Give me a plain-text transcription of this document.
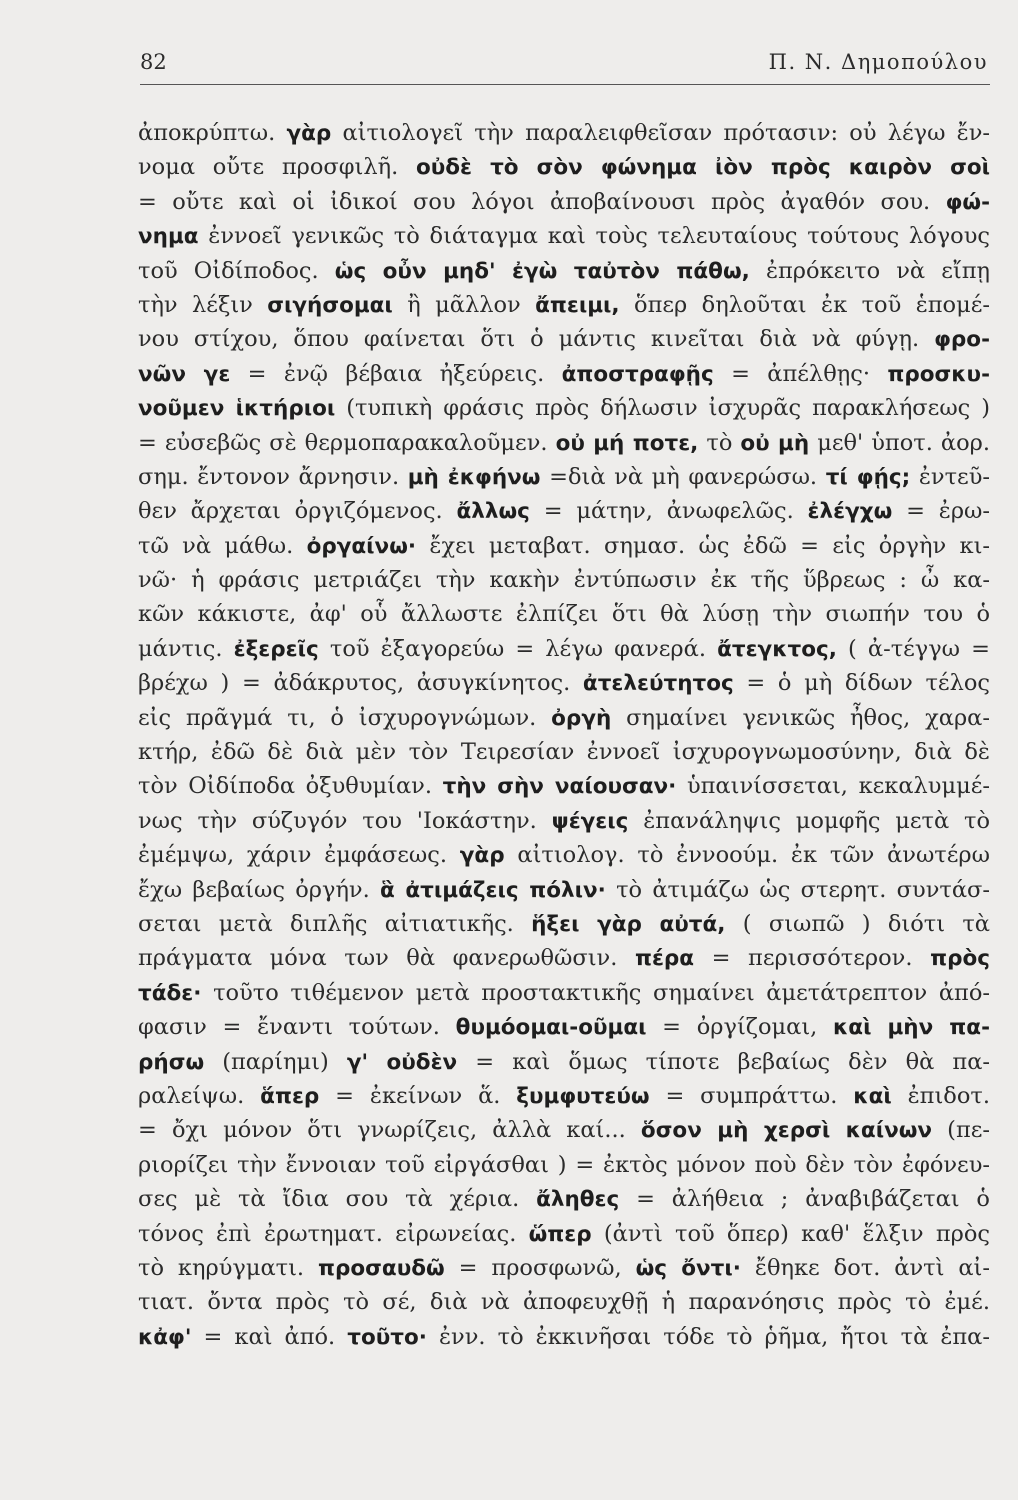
82	Π. Ν. Δημοπούλου
ἀποκρύπτω. γὰρ αἰτιολογεῖ τὴν παραλειφθεῖσαν πρότασιν: οὐ λέγω ἔν-
νομα οὔτε προσφιλῆ. οὐδὲ τὸ σὸν φώνημα ἰὸν πρὸς καιρὸν σοὶ
= οὔτε καὶ οἱ ἰδικοί σου λόγοι ἀποβαίνουσι πρὸς ἀγαθόν σου. φώ-
νημα ἐννοεῖ γενικῶς τὸ διάταγμα καὶ τοὺς τελευταίους τούτους λόγους
τοῦ Οἰδίποδος. ὡς οὖν μηδ' ἐγὼ ταὐτὸν πάθω, ἐπρόκειτο νὰ εἴπῃ
τὴν λέξιν σιγήσομαι ἢ μᾶλλον ἄπειμι, ὅπερ δηλοῦται ἐκ τοῦ ἑπομέ-
νου στίχου, ὅπου φαίνεται ὅτι ὁ μάντις κινεῖται διὰ νὰ φύγῃ. φρο-
νῶν γε = ἐνῷ βέβαια ἠξεύρεις. ἀποστραφῇς = ἀπέλθῃς· προσκυ-
νοῦμεν ἱκτήριοι (τυπικὴ φράσις πρὸς δήλωσιν ἰσχυρᾶς παρακλήσεως )
= εὐσεβῶς σὲ θερμοπαρακαλοῦμεν. οὐ μή ποτε, τὸ οὐ μὴ μεθ' ὑποτ. ἀορ.
σημ. ἔντονον ἄρνησιν. μὴ ἐκφήνω =διὰ νὰ μὴ φανερώσω. τί φῄς; ἐντεῦ-
θεν ἄρχεται ὀργιζόμενος. ἄλλως = μάτην, ἀνωφελῶς. ἐλέγχω = ἐρω-
τῶ νὰ μάθω. ὀργαίνω· ἔχει μεταβατ. σημασ. ὡς ἐδῶ = εἰς ὀργὴν κι-
νῶ· ἡ φράσις μετριάζει τὴν κακὴν ἐντύπωσιν ἐκ τῆς ὕβρεως : ὦ κα-
κῶν κάκιστε, ἀφ' οὗ ἄλλωστε ἐλπίζει ὅτι θὰ λύσῃ τὴν σιωπήν του ὁ
μάντις. ἐξερεῖς τοῦ ἐξαγορεύω = λέγω φανερά. ἄτεγκτος, ( ἀ-τέγγω =
βρέχω ) = ἀδάκρυτος, ἀσυγκίνητος. ἀτελεύτητος = ὁ μὴ δίδων τέλος
εἰς πρᾶγμά τι, ὁ ἰσχυρογνώμων. ὀργὴ σημαίνει γενικῶς ἦθος, χαρα-
κτήρ, ἐδῶ δὲ διὰ μὲν τὸν Τειρεσίαν ἐννοεῖ ἰσχυρογνωμοσύνην, διὰ δὲ
τὸν Οἰδίποδα ὀξυθυμίαν. τὴν σὴν ναίουσαν· ὑπαινίσσεται, κεκαλυμμέ-
νως τὴν σύζυγόν του 'Ιοκάστην. ψέγεις ἐπανάληψις μομφῆς μετὰ τὸ
ἐμέμψω, χάριν ἐμφάσεως. γὰρ αἰτιολογ. τὸ ἐννοούμ. ἐκ τῶν ἀνωτέρω
ἔχω βεβαίως ὀργήν. ἃ ἀτιμάζεις πόλιν· τὸ ἀτιμάζω ὡς στερητ. συντάσ-
σεται μετὰ διπλῆς αἰτιατικῆς. ἥξει γὰρ αὐτά, ( σιωπῶ ) διότι τὰ
πράγματα μόνα των θὰ φανερωθῶσιν. πέρα = περισσότερον. πρὸς
τάδε· τοῦτο τιθέμενον μετὰ προστακτικῆς σημαίνει ἀμετάτρεπτον ἀπό-
φασιν = ἔναντι τούτων. θυμόομαι-οῦμαι = ὀργίζομαι, καὶ μὴν πα-
ρήσω (παρίημι) γ' οὐδὲν = καὶ ὅμως τίποτε βεβαίως δὲν θὰ πα-
ραλείψω. ἅπερ = ἐκείνων ἅ. ξυμφυτεύω = συμπράττω. καὶ ἐπιδοτ.
= ὄχι μόνον ὅτι γνωρίζεις, ἀλλὰ καί... ὅσον μὴ χερσὶ καίνων (πε-
ριορίζει τὴν ἔννοιαν τοῦ εἰργάσθαι ) = ἐκτὸς μόνον ποὺ δὲν τὸν ἐφόνευ-
σες μὲ τὰ ἴδια σου τὰ χέρια. ἄληθες = ἀλήθεια ; ἀναβιβάζεται ὁ
τόνος ἐπὶ ἐρωτηματ. εἰρωνείας. ὥπερ (ἀντὶ τοῦ ὅπερ) καθ' ἕλξιν πρὸς
τὸ κηρύγματι. προσαυδῶ = προσφωνῶ, ὡς ὄντι· ἔθηκε δοτ. ἀντὶ αἰ-
τιατ. ὄντα πρὸς τὸ σέ, διὰ νὰ ἀποφευχθῇ ἡ παρανόησις πρὸς τὸ ἐμέ.
κἀφ' = καὶ ἀπό. τοῦτο· ἐνν. τὸ ἐκκινῆσαι τόδε τὸ ῥῆμα, ἤτοι τὰ ἐπα-
